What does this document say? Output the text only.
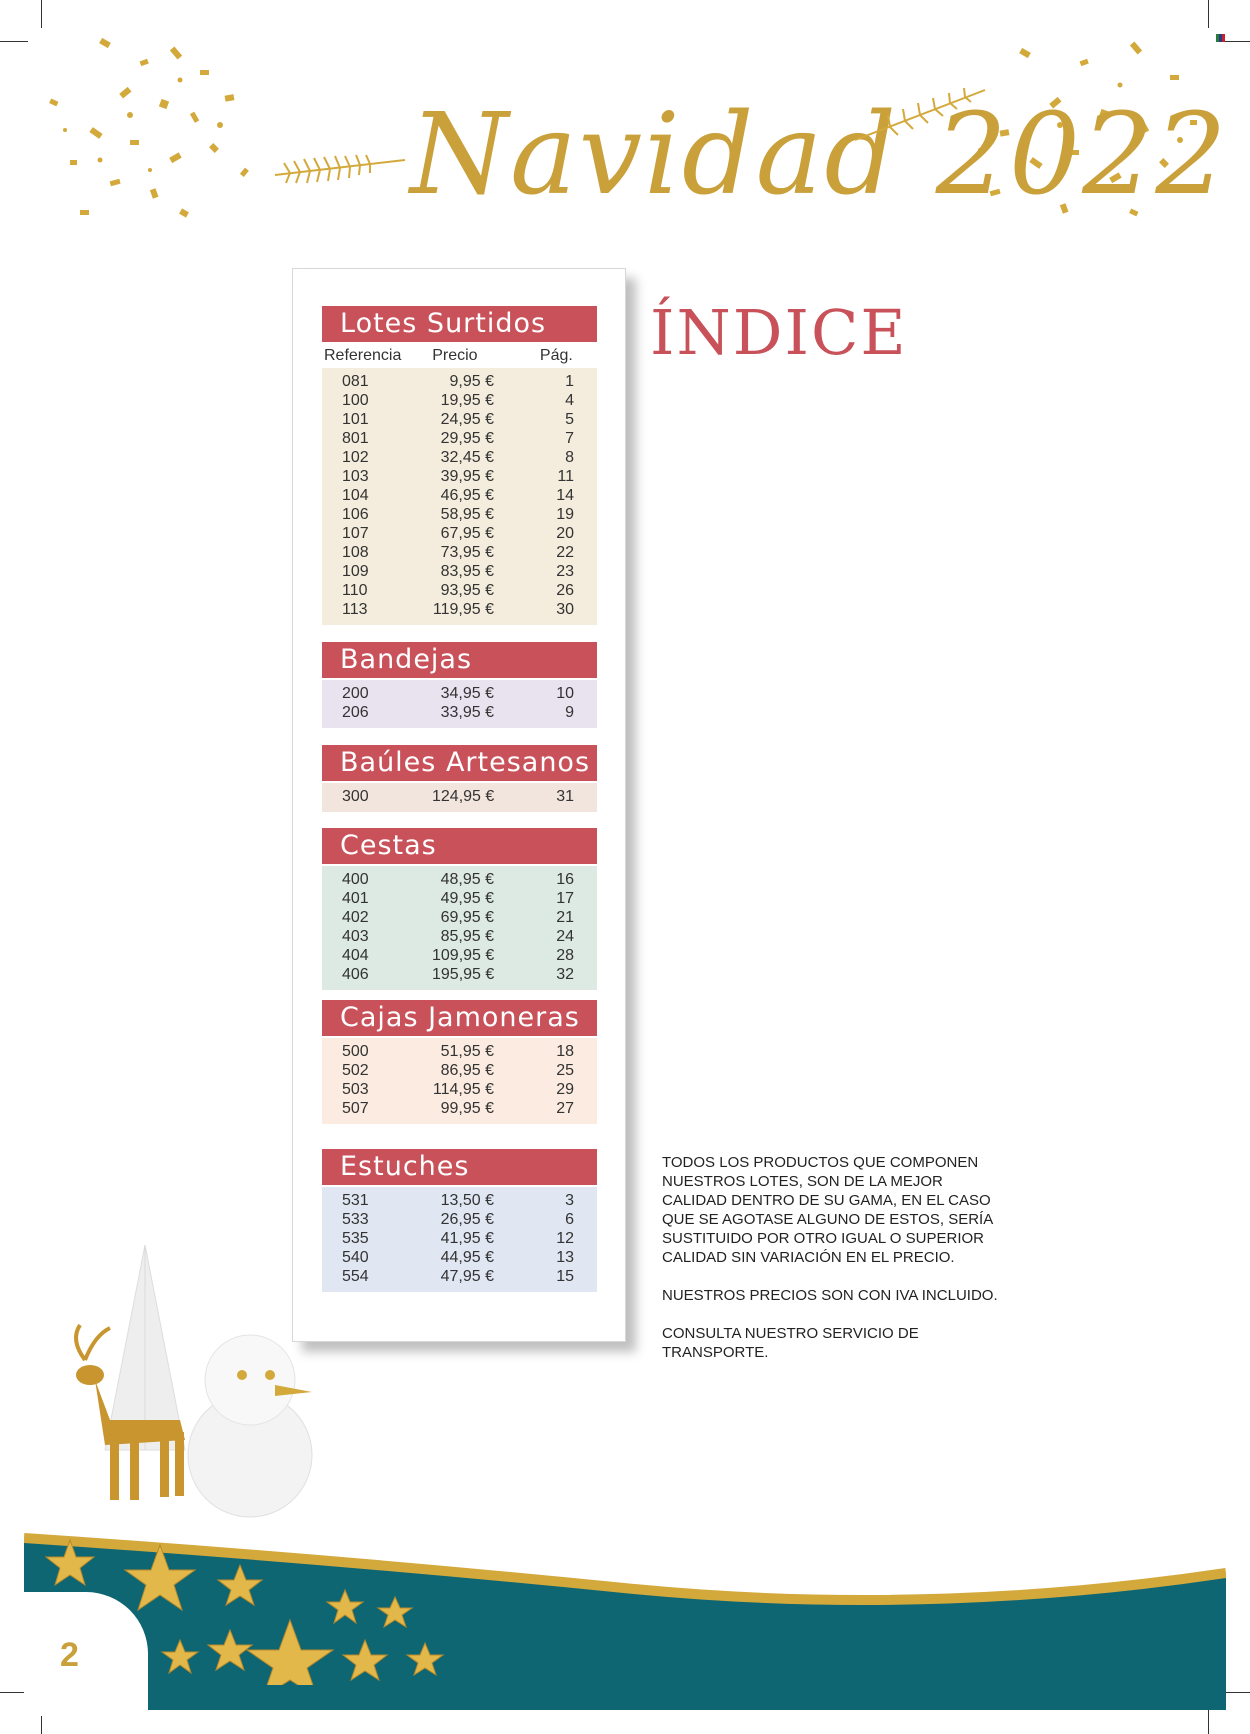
Navidad 2022
Lotes Surtidos
Referencia	Precio	Pág.
081	9,95 €	1
100	19,95 €	4
101	24,95 €	5
801	29,95 €	7
102	32,45 €	8
103	39,95 €	11
104	46,95 €	14
106	58,95 €	19
107	67,95 €	20
108	73,95 €	22
109	83,95 €	23
110	93,95 €	26
113	119,95 €	30
Bandejas
200	34,95 €	10
206	33,95 €	9
Baúles Artesanos
300	124,95 €	31
Cestas
400	48,95 €	16
401	49,95 €	17
402	69,95 €	21
403	85,95 €	24
404	109,95 €	28
406	195,95 €	32
Cajas Jamoneras
500	51,95 €	18
502	86,95 €	25
503	114,95 €	29
507	99,95 €	27
Estuches
531	13,50 €	3
533	26,95 €	6
535	41,95 €	12
540	44,95 €	13
554	47,95 €	15
ÍNDICE

TODOS LOS PRODUCTOS QUE COMPONEN NUESTROS LOTES, SON DE LA MEJOR CALIDAD DENTRO DE SU GAMA, EN EL CASO QUE SE AGOTASE ALGUNO DE ESTOS, SERÍA SUSTITUIDO POR OTRO IGUAL O SUPERIOR CALIDAD SIN VARIACIÓN EN EL PRECIO.

NUESTROS PRECIOS SON CON IVA INCLUIDO.

CONSULTA NUESTRO SERVICIO DE TRANSPORTE.

2
